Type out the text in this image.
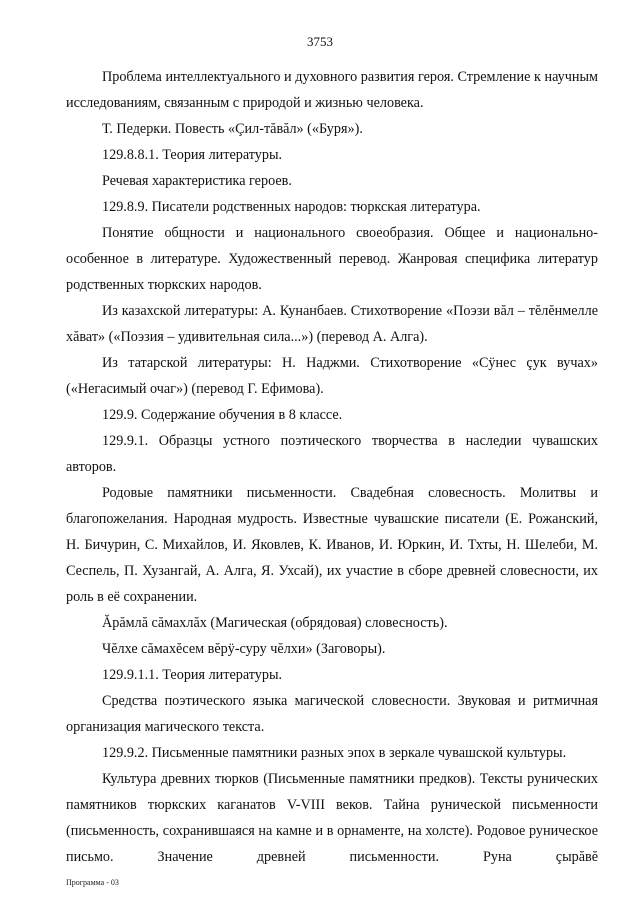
3753

Проблема интеллектуального и духовного развития героя. Стремление к научным исследованиям, связанным с природой и жизнью человека.

Т. Педерки. Повесть «Çил-тăвăл» («Буря»).

129.8.8.1. Теория литературы.

Речевая характеристика героев.

129.8.9. Писатели родственных народов: тюркская литература.

Понятие общности и национального своеобразия. Общее и национально-особенное в литературе. Художественный перевод. Жанровая специфика литератур родственных тюркских народов.

Из казахской литературы: А. Кунанбаев. Стихотворение «Поэзи вăл – тĕлĕнмелле хăват» («Поэзия – удивительная сила...») (перевод А. Алга).

Из татарской литературы: Н. Наджми. Стихотворение «Сÿнес çук вучах» («Негасимый очаг») (перевод Г. Ефимова).

129.9. Содержание обучения в 8 классе.

129.9.1. Образцы устного поэтического творчества в наследии чувашских авторов.

Родовые памятники письменности. Свадебная словесность. Молитвы и благопожелания. Народная мудрость. Известные чувашские писатели (Е. Рожанский, Н. Бичурин, С. Михайлов, И. Яковлев, К. Иванов, И. Юркин, И. Тхты, Н. Шелеби, М. Сеспель, П. Хузангай, А. Алга, Я. Ухсай), их участие в сборе древней словесности, их роль в её сохранении.

Ăрăмлă сăмахлăх (Магическая (обрядовая) словесность).

Чĕлхе сăмахĕсем вĕрÿ-суру чĕлхи» (Заговоры).

129.9.1.1. Теория литературы.

Средства поэтического языка магической словесности. Звуковая и ритмичная организация магического текста.

129.9.2. Письменные памятники разных эпох в зеркале чувашской культуры.

Культура древних тюрков (Письменные памятники предков). Тексты рунических памятников тюркских каганатов V-VIII веков. Тайна рунической письменности (письменность, сохранившаяся на камне и в орнаменте, на холсте). Родовое руническое письмо. Значение древней письменности. Руна çырăвĕ

Программа - 03
